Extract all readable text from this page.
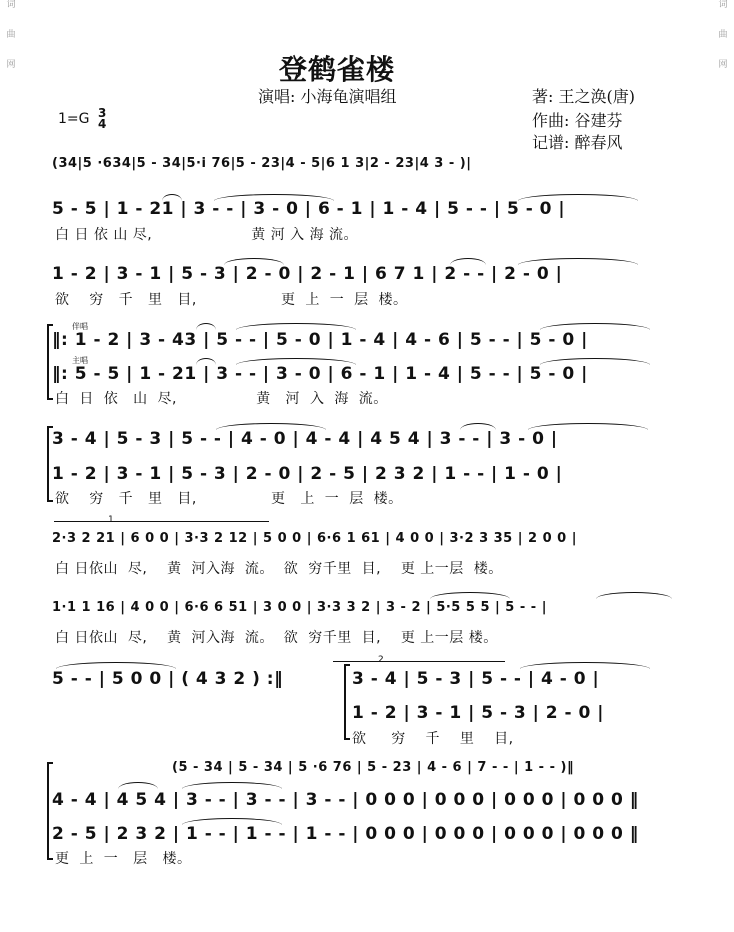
词
曲
网
词
曲
网
登鹤雀楼
演唱: 小海龟演唱组	著: 王之涣(唐)
作曲: 谷建芬
记谱: 醉春风
1=G 3
4
(34|5 ·634|5 - 34|5·i 76|5 - 23|4 - 5|6 1 3|2 - 23|4 3 - )|
5 - 5 | 1 - 21 | 3 - - | 3 - 0 | 6 - 1 | 1 - 4 | 5 - - | 5 - 0 |
白 日 依 山 尽,                    黄 河 入 海 流。
1 - 2 | 3 - 1 | 5 - 3 | 2 - 0 | 2 - 1 | 6 7 1 | 2 - - | 2 - 0 |
欲    穷   千   里   目,                 更  上  一  层  楼。
伴唱
主唱
‖: 1 - 2 | 3 - 43 | 5 - - | 5 - 0 | 1 - 4 | 4 - 6 | 5 - - | 5 - 0 |
‖: 5 - 5 | 1 - 21 | 3 - - | 3 - 0 | 6 - 1 | 1 - 4 | 5 - - | 5 - 0 |
白  日  依   山  尽,                黄   河  入  海  流。
3 - 4 | 5 - 3 | 5 - - | 4 - 0 | 4 - 4 | 4 5 4 | 3 - - | 3 - 0 |
1 - 2 | 3 - 1 | 5 - 3 | 2 - 0 | 2 - 5 | 2 3 2 | 1 - - | 1 - 0 |
欲    穷   千   里   目,               更   上  一  层  楼。
1
2·3 2 21 | 6 0 0 | 3·3 2 12 | 5 0 0 | 6·6 1 61 | 4 0 0 | 3·2 3 35 | 2 0 0 |
白 日依山  尽,    黄  河入海  流。  欲  穷千里  目,    更 上一层  楼。
1·1 1 16 | 4 0 0 | 6·6 6 51 | 3 0 0 | 3·3 3 2 | 3 - 2 | 5·5 5 5 | 5 - - |
白 日依山  尽,    黄  河入海  流。  欲  穷千里  目,    更 上一层 楼。
5 - - | 5 0 0 | ( 4 3 2 ) :‖
2
3 - 4 | 5 - 3 | 5 - - | 4 - 0 |
1 - 2 | 3 - 1 | 5 - 3 | 2 - 0 |
欲     穷    千    里    目,
(5 - 34 | 5 - 34 | 5 ·6 76 | 5 - 23 | 4 - 6 | 7 - - | 1 - - )‖
4 - 4 | 4 5 4 | 3 - - | 3 - - | 3 - - | 0 0 0 | 0 0 0 | 0 0 0 | 0 0 0 ‖
2 - 5 | 2 3 2 | 1 - - | 1 - - | 1 - - | 0 0 0 | 0 0 0 | 0 0 0 | 0 0 0 ‖
更  上  一   层   楼。
